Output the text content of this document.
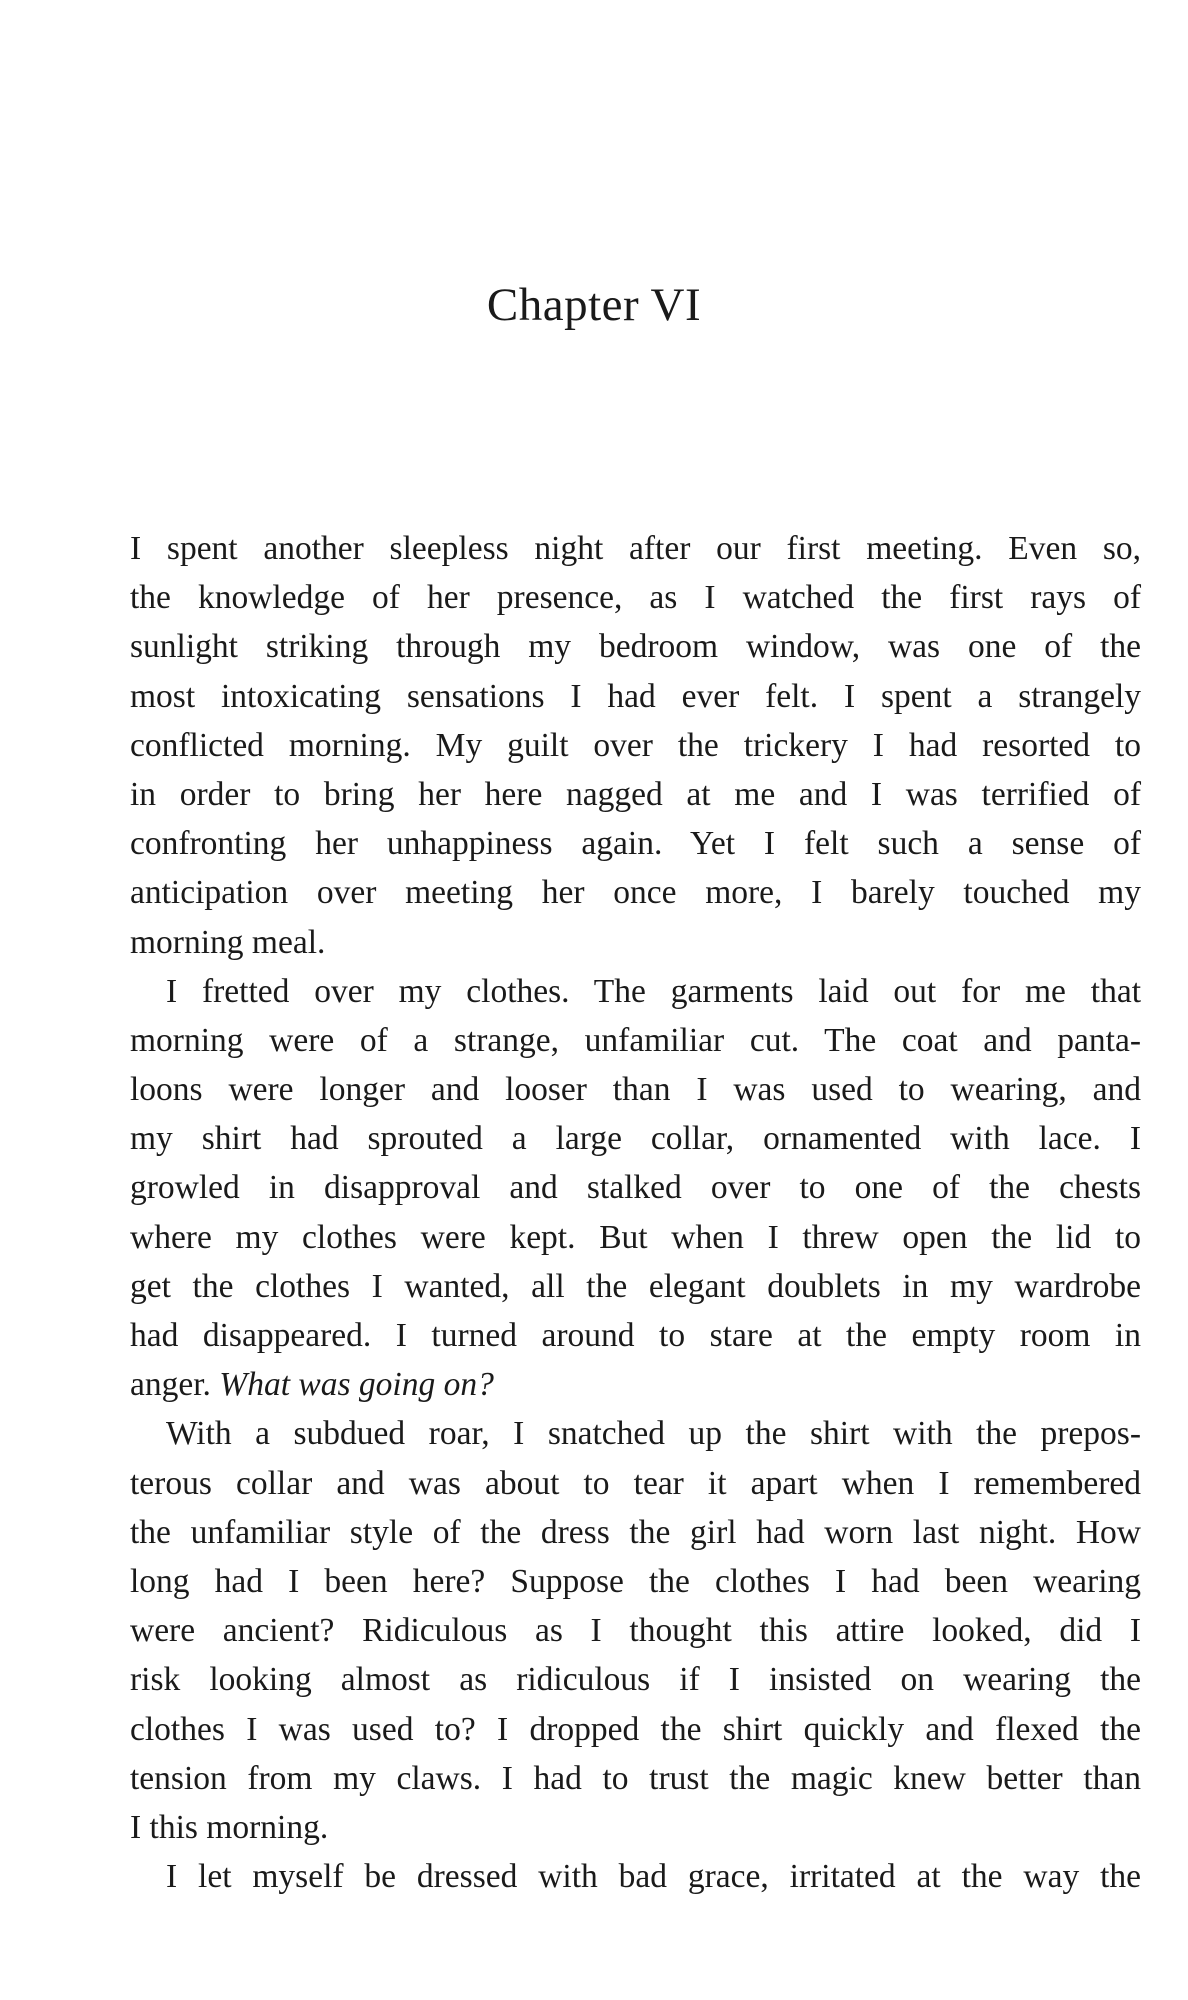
Chapter VI
I spent another sleepless night after our first meeting. Even so,
the knowledge of her presence, as I watched the first rays of
sunlight striking through my bedroom window, was one of the
most intoxicating sensations I had ever felt. I spent a strangely
conflicted morning. My guilt over the trickery I had resorted to
in order to bring her here nagged at me and I was terrified of
confronting her unhappiness again. Yet I felt such a sense of
anticipation over meeting her once more, I barely touched my
morning meal.
I fretted over my clothes. The garments laid out for me that
morning were of a strange, unfamiliar cut. The coat and panta-
loons were longer and looser than I was used to wearing, and
my shirt had sprouted a large collar, ornamented with lace. I
growled in disapproval and stalked over to one of the chests
where my clothes were kept. But when I threw open the lid to
get the clothes I wanted, all the elegant doublets in my wardrobe
had disappeared. I turned around to stare at the empty room in
anger. What was going on?
With a subdued roar, I snatched up the shirt with the prepos-
terous collar and was about to tear it apart when I remembered
the unfamiliar style of the dress the girl had worn last night. How
long had I been here? Suppose the clothes I had been wearing
were ancient? Ridiculous as I thought this attire looked, did I
risk looking almost as ridiculous if I insisted on wearing the
clothes I was used to? I dropped the shirt quickly and flexed the
tension from my claws. I had to trust the magic knew better than
I this morning.
I let myself be dressed with bad grace, irritated at the way the
